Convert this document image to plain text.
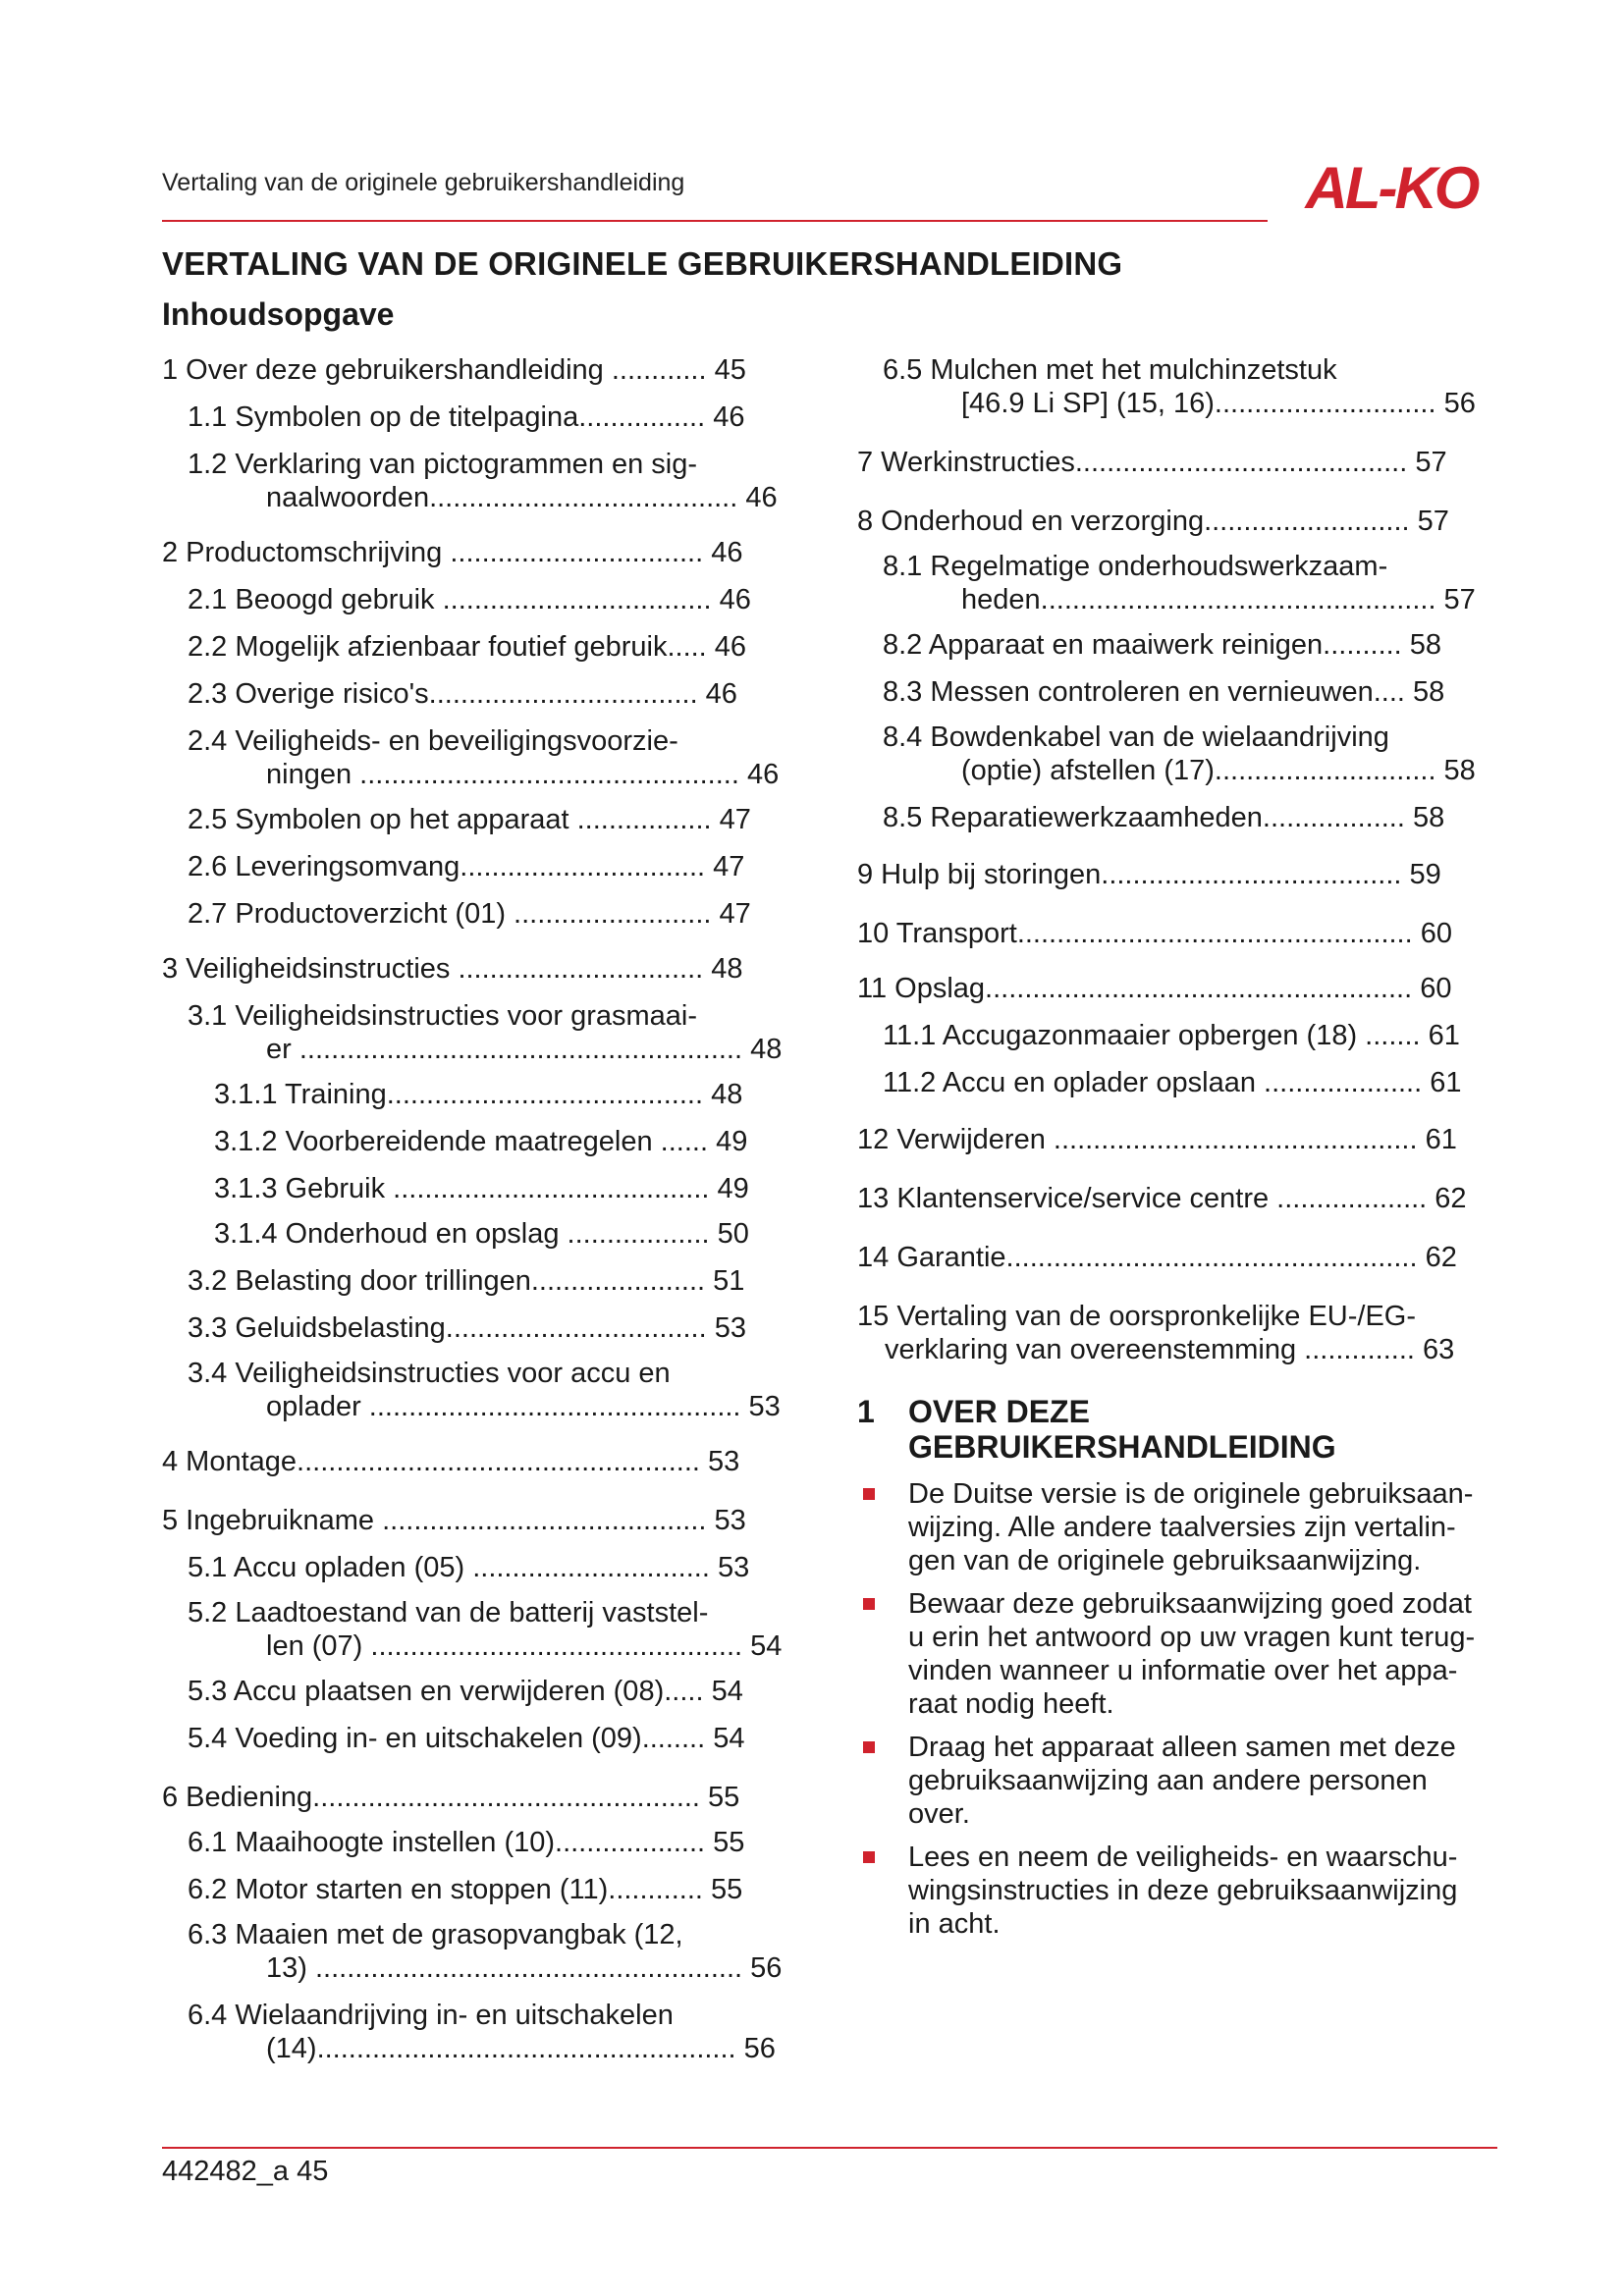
Vertaling van de originele gebruikershandleiding	AL-KO
VERTALING VAN DE ORIGINELE GEBRUIKERSHANDLEIDING
Inhoudsopgave
1 Over deze gebruikershandleiding ............ 45
1.1 Symbolen op de titelpagina................ 46
1.2 Verklaring van pictogrammen en sig-
naalwoorden....................................... 46
2 Productomschrijving ................................ 46
2.1 Beoogd gebruik .................................. 46
2.2 Mogelijk afzienbaar foutief gebruik..... 46
2.3 Overige risico's.................................. 46
2.4 Veiligheids- en beveiligingsvoorzie-
ningen ................................................ 46
2.5 Symbolen op het apparaat ................. 47
2.6 Leveringsomvang............................... 47
2.7 Productoverzicht (01) ......................... 47
3 Veiligheidsinstructies ............................... 48
3.1 Veiligheidsinstructies voor grasmaai-
er ........................................................ 48
3.1.1 Training........................................ 48
3.1.2 Voorbereidende maatregelen ...... 49
3.1.3 Gebruik ........................................ 49
3.1.4 Onderhoud en opslag .................. 50
3.2 Belasting door trillingen...................... 51
3.3 Geluidsbelasting................................. 53
3.4 Veiligheidsinstructies voor accu en
oplader ............................................... 53
4 Montage................................................... 53
5 Ingebruikname ......................................... 53
5.1 Accu opladen (05) .............................. 53
5.2 Laadtoestand van de batterij vaststel-
len (07) ............................................... 54
5.3 Accu plaatsen en verwijderen (08)..... 54
5.4 Voeding in- en uitschakelen (09)........ 54
6 Bediening................................................. 55
6.1 Maaihoogte instellen (10)................... 55
6.2 Motor starten en stoppen (11)............ 55
6.3 Maaien met de grasopvangbak (12,
13) ...................................................... 56
6.4 Wielaandrijving in- en uitschakelen
(14)..................................................... 56
6.5 Mulchen met het mulchinzetstuk
[46.9 Li SP] (15, 16)............................ 56
7 Werkinstructies.......................................... 57
8 Onderhoud en verzorging.......................... 57
8.1 Regelmatige onderhoudswerkzaam-
heden.................................................. 57
8.2 Apparaat en maaiwerk reinigen.......... 58
8.3 Messen controleren en vernieuwen.... 58
8.4 Bowdenkabel van de wielaandrijving
(optie) afstellen (17)............................ 58
8.5 Reparatiewerkzaamheden.................. 58
9 Hulp bij storingen...................................... 59
10 Transport.................................................. 60
11 Opslag...................................................... 60
11.1 Accugazonmaaier opbergen (18) ....... 61
11.2 Accu en oplader opslaan .................... 61
12 Verwijderen .............................................. 61
13 Klantenservice/service centre ................... 62
14 Garantie.................................................... 62
15 Vertaling van de oorspronkelijke EU-/EG-
verklaring van overeenstemming .............. 63
1 OVER DEZE
GEBRUIKERSHANDLEIDING
De Duitse versie is de originele gebruiksaan-
wijzing. Alle andere taalversies zijn vertalin-
gen van de originele gebruiksaanwijzing.
Bewaar deze gebruiksaanwijzing goed zodat
u erin het antwoord op uw vragen kunt terug-
vinden wanneer u informatie over het appa-
raat nodig heeft.
Draag het apparaat alleen samen met deze
gebruiksaanwijzing aan andere personen
over.
Lees en neem de veiligheids- en waarschu-
wingsinstructies in deze gebruiksaanwijzing
in acht.
442482_a 45
